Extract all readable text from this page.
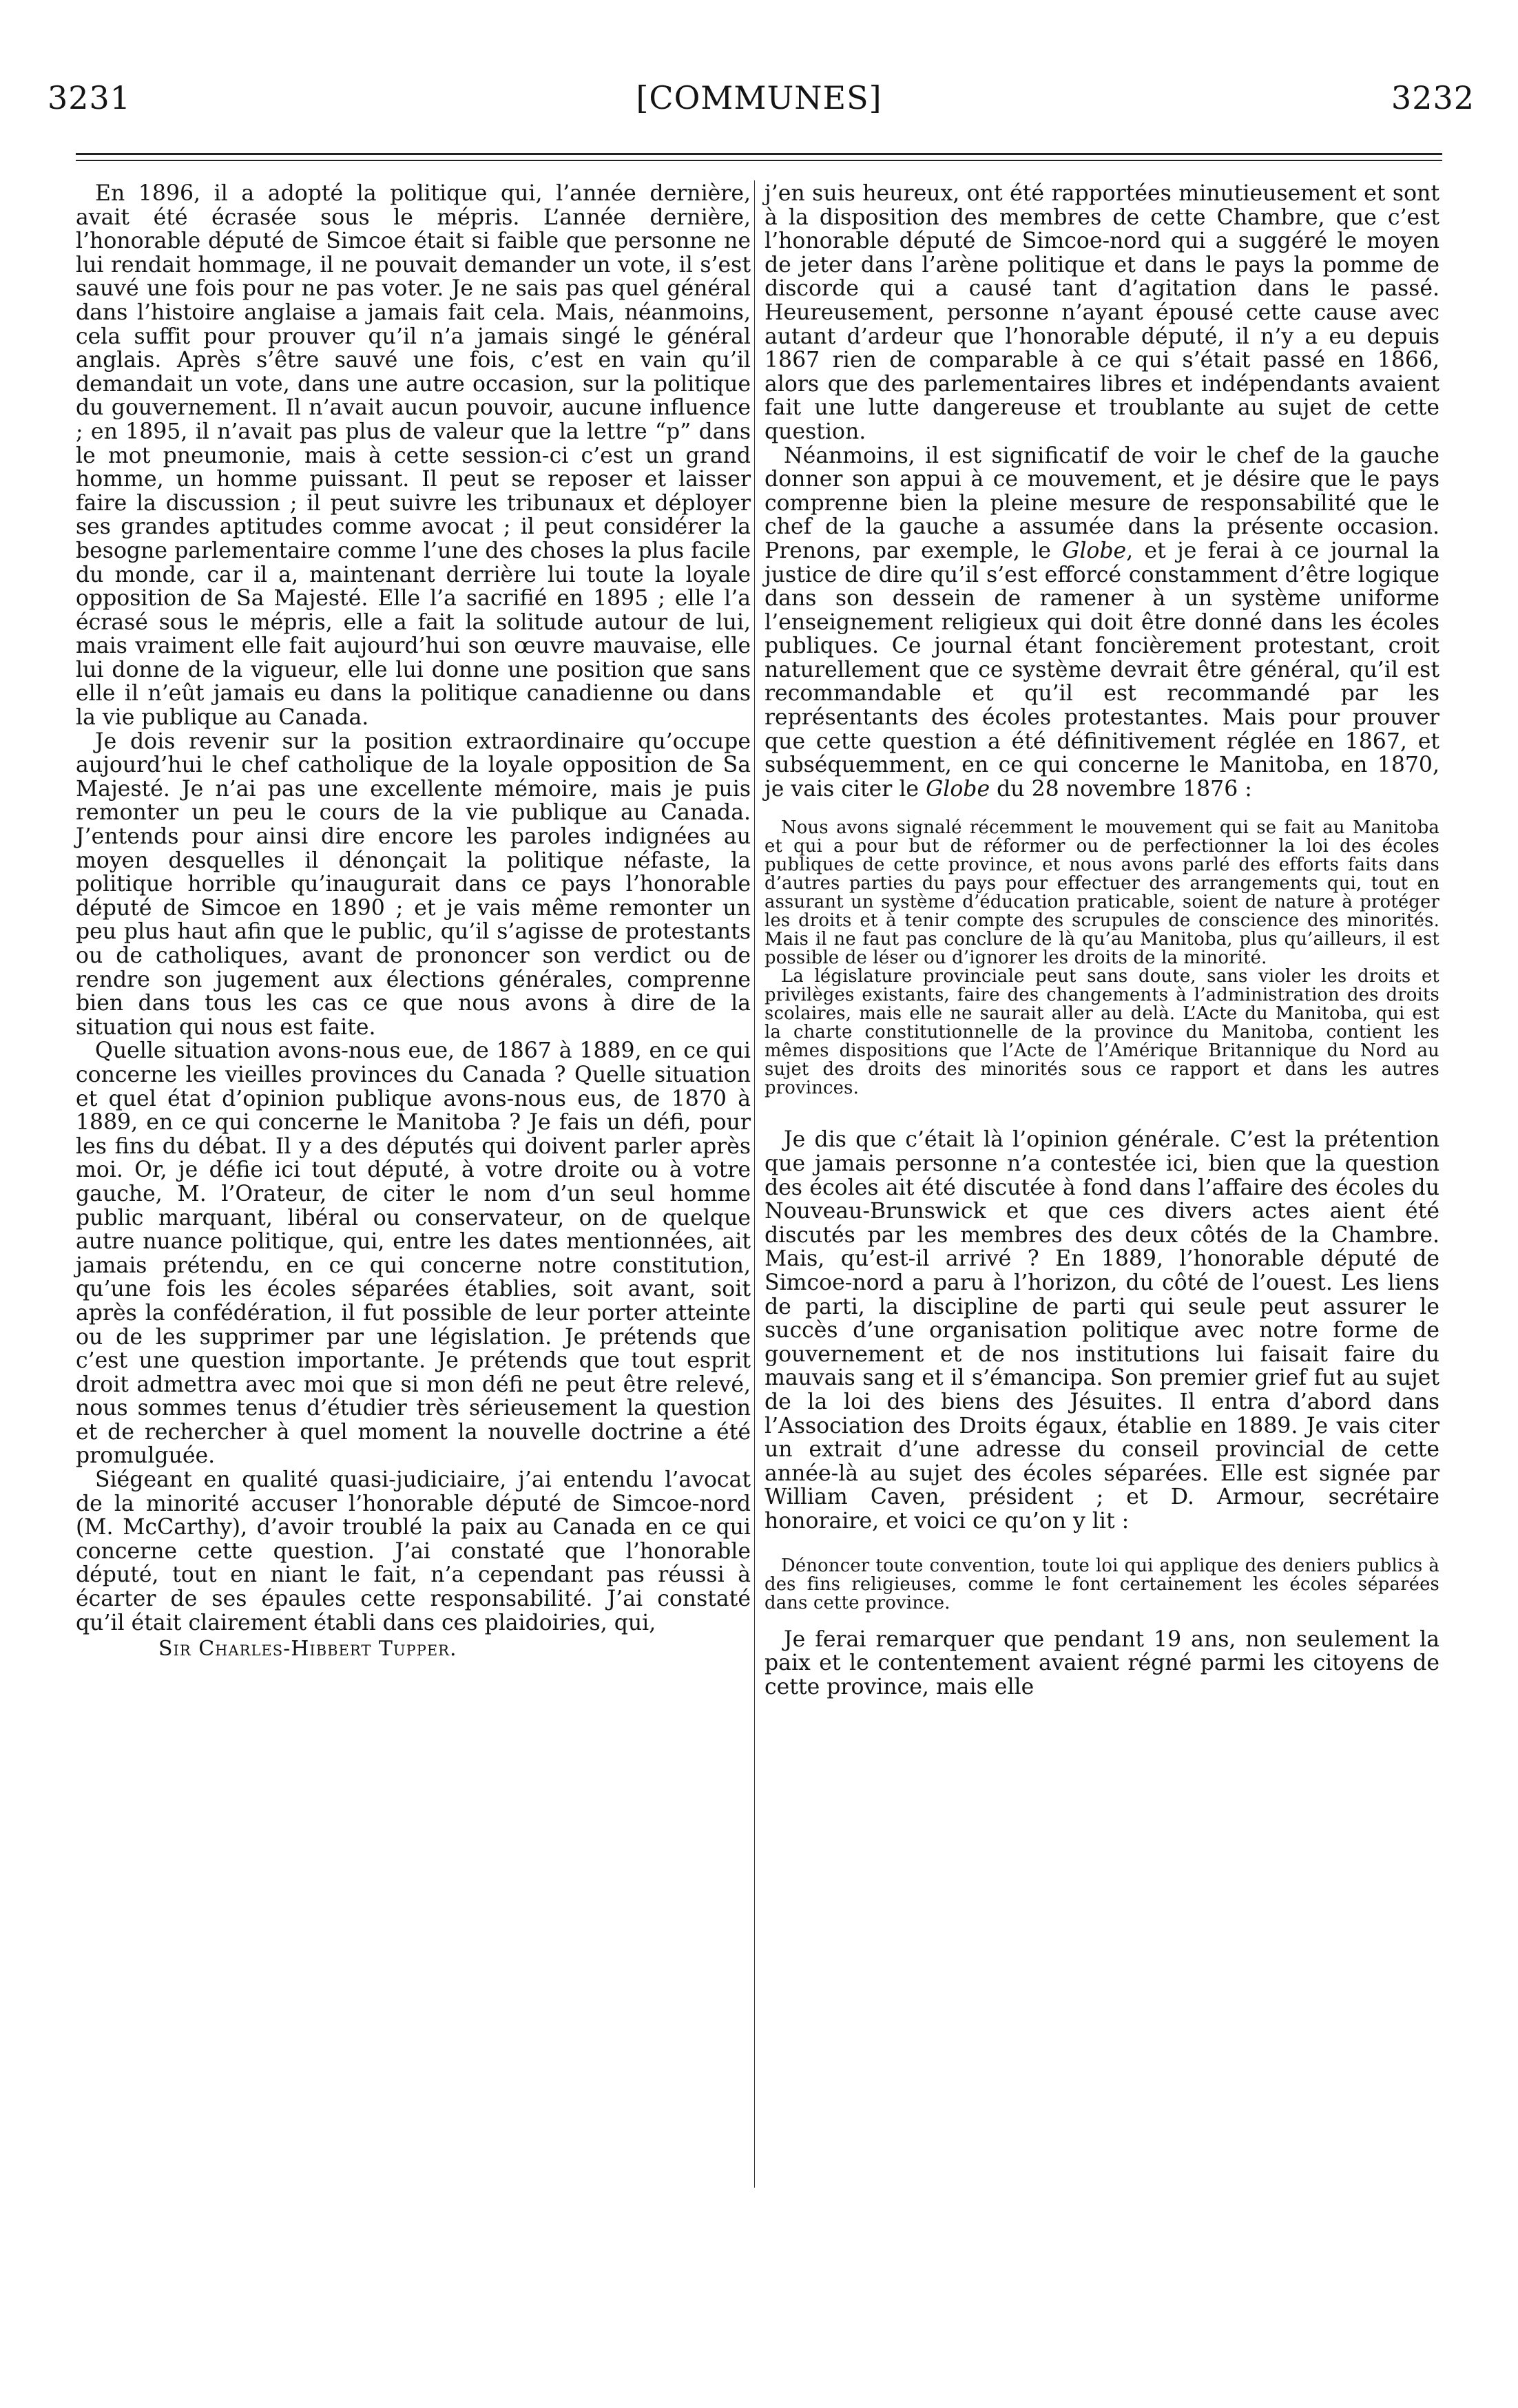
3231	[COMMUNES]	3232

En 1896, il a adopté la politique qui, l’année dernière, avait été écrasée sous le mépris. L’année dernière, l’honorable député de Simcoe était si faible que personne ne lui rendait hommage, il ne pouvait demander un vote, il s’est sauvé une fois pour ne pas voter. Je ne sais pas quel général dans l’histoire anglaise a jamais fait cela. Mais, néanmoins, cela suffit pour prouver qu’il n’a jamais singé le général anglais. Après s’être sauvé une fois, c’est en vain qu’il demandait un vote, dans une autre occasion, sur la politique du gouvernement. Il n’avait aucun pouvoir, aucune influence ; en 1895, il n’avait pas plus de valeur que la lettre “p” dans le mot pneumonie, mais à cette session-ci c’est un grand homme, un homme puissant. Il peut se reposer et laisser faire la discussion ; il peut suivre les tribunaux et déployer ses grandes aptitudes comme avocat ; il peut considérer la besogne parlementaire comme l’une des choses la plus facile du monde, car il a, maintenant derrière lui toute la loyale opposition de Sa Majesté. Elle l’a sacrifié en 1895 ; elle l’a écrasé sous le mépris, elle a fait la solitude autour de lui, mais vraiment elle fait aujourd’hui son œuvre mauvaise, elle lui donne de la vigueur, elle lui donne une position que sans elle il n’eût jamais eu dans la politique canadienne ou dans la vie publique au Canada.

Je dois revenir sur la position extraordinaire qu’occupe aujourd’hui le chef catholique de la loyale opposition de Sa Majesté. Je n’ai pas une excellente mémoire, mais je puis remonter un peu le cours de la vie publique au Canada. J’entends pour ainsi dire encore les paroles indignées au moyen desquelles il dénonçait la politique néfaste, la politique horrible qu’inaugurait dans ce pays l’honorable député de Simcoe en 1890 ; et je vais même remonter un peu plus haut afin que le public, qu’il s’agisse de protestants ou de catholiques, avant de prononcer son verdict ou de rendre son jugement aux élections générales, comprenne bien dans tous les cas ce que nous avons à dire de la situation qui nous est faite.

Quelle situation avons-nous eue, de 1867 à 1889, en ce qui concerne les vieilles provinces du Canada ? Quelle situation et quel état d’opinion publique avons-nous eus, de 1870 à 1889, en ce qui concerne le Manitoba ? Je fais un défi, pour les fins du débat. Il y a des députés qui doivent parler après moi. Or, je défie ici tout député, à votre droite ou à votre gauche, M. l’Orateur, de citer le nom d’un seul homme public marquant, libéral ou conservateur, on de quelque autre nuance politique, qui, entre les dates mentionnées, ait jamais prétendu, en ce qui concerne notre constitution, qu’une fois les écoles séparées établies, soit avant, soit après la confédération, il fut possible de leur porter atteinte ou de les supprimer par une législation. Je prétends que c’est une question importante. Je prétends que tout esprit droit admettra avec moi que si mon défi ne peut être relevé, nous sommes tenus d’étudier très sérieusement la question et de rechercher à quel moment la nouvelle doctrine a été promulguée.

Siégeant en qualité quasi-judiciaire, j’ai entendu l’avocat de la minorité accuser l’honorable député de Simcoe-nord (M. McCarthy), d’avoir troublé la paix au Canada en ce qui concerne cette question. J’ai constaté que l’honorable député, tout en niant le fait, n’a cependant pas réussi à écarter de ses épaules cette responsabilité. J’ai constaté qu’il était clairement établi dans ces plaidoiries, qui,

Sir Charles-Hibbert Tupper.

j’en suis heureux, ont été rapportées minutieusement et sont à la disposition des membres de cette Chambre, que c’est l’honorable député de Simcoe-nord qui a suggéré le moyen de jeter dans l’arène politique et dans le pays la pomme de discorde qui a causé tant d’agitation dans le passé. Heureusement, personne n’ayant épousé cette cause avec autant d’ardeur que l’honorable député, il n’y a eu depuis 1867 rien de comparable à ce qui s’était passé en 1866, alors que des parlementaires libres et indépendants avaient fait une lutte dangereuse et troublante au sujet de cette question.

Néanmoins, il est significatif de voir le chef de la gauche donner son appui à ce mouvement, et je désire que le pays comprenne bien la pleine mesure de responsabilité que le chef de la gauche a assumée dans la présente occasion. Prenons, par exemple, le Globe, et je ferai à ce journal la justice de dire qu’il s’est efforcé constamment d’être logique dans son dessein de ramener à un système uniforme l’enseignement religieux qui doit être donné dans les écoles publiques. Ce journal étant foncièrement protestant, croit naturellement que ce système devrait être général, qu’il est recommandable et qu’il est recommandé par les représentants des écoles protestantes. Mais pour prouver que cette question a été définitivement réglée en 1867, et subséquemment, en ce qui concerne le Manitoba, en 1870, je vais citer le Globe du 28 novembre 1876 :

Nous avons signalé récemment le mouvement qui se fait au Manitoba et qui a pour but de réformer ou de perfectionner la loi des écoles publiques de cette province, et nous avons parlé des efforts faits dans d’autres parties du pays pour effectuer des arrangements qui, tout en assurant un système d’éducation praticable, soient de nature à protéger les droits et à tenir compte des scrupules de conscience des minorités. Mais il ne faut pas conclure de là qu’au Manitoba, plus qu’ailleurs, il est possible de léser ou d’ignorer les droits de la minorité.

La législature provinciale peut sans doute, sans violer les droits et privilèges existants, faire des changements à l’administration des droits scolaires, mais elle ne saurait aller au delà. L’Acte du Manitoba, qui est la charte constitutionnelle de la province du Manitoba, contient les mêmes dispositions que l’Acte de l’Amérique Britannique du Nord au sujet des droits des minorités sous ce rapport et dans les autres provinces.

Je dis que c’était là l’opinion générale. C’est la prétention que jamais personne n’a contestée ici, bien que la question des écoles ait été discutée à fond dans l’affaire des écoles du Nouveau-Brunswick et que ces divers actes aient été discutés par les membres des deux côtés de la Chambre. Mais, qu’est-il arrivé ? En 1889, l’honorable député de Simcoe-nord a paru à l’horizon, du côté de l’ouest. Les liens de parti, la discipline de parti qui seule peut assurer le succès d’une organisation politique avec notre forme de gouvernement et de nos institutions lui faisait faire du mauvais sang et il s’émancipa. Son premier grief fut au sujet de la loi des biens des Jésuites. Il entra d’abord dans l’Association des Droits égaux, établie en 1889. Je vais citer un extrait d’une adresse du conseil provincial de cette année-là au sujet des écoles séparées. Elle est signée par William Caven, président ; et D. Armour, secrétaire honoraire, et voici ce qu’on y lit :

Dénoncer toute convention, toute loi qui applique des deniers publics à des fins religieuses, comme le font certainement les écoles séparées dans cette province.

Je ferai remarquer que pendant 19 ans, non seulement la paix et le contentement avaient régné parmi les citoyens de cette province, mais elle
